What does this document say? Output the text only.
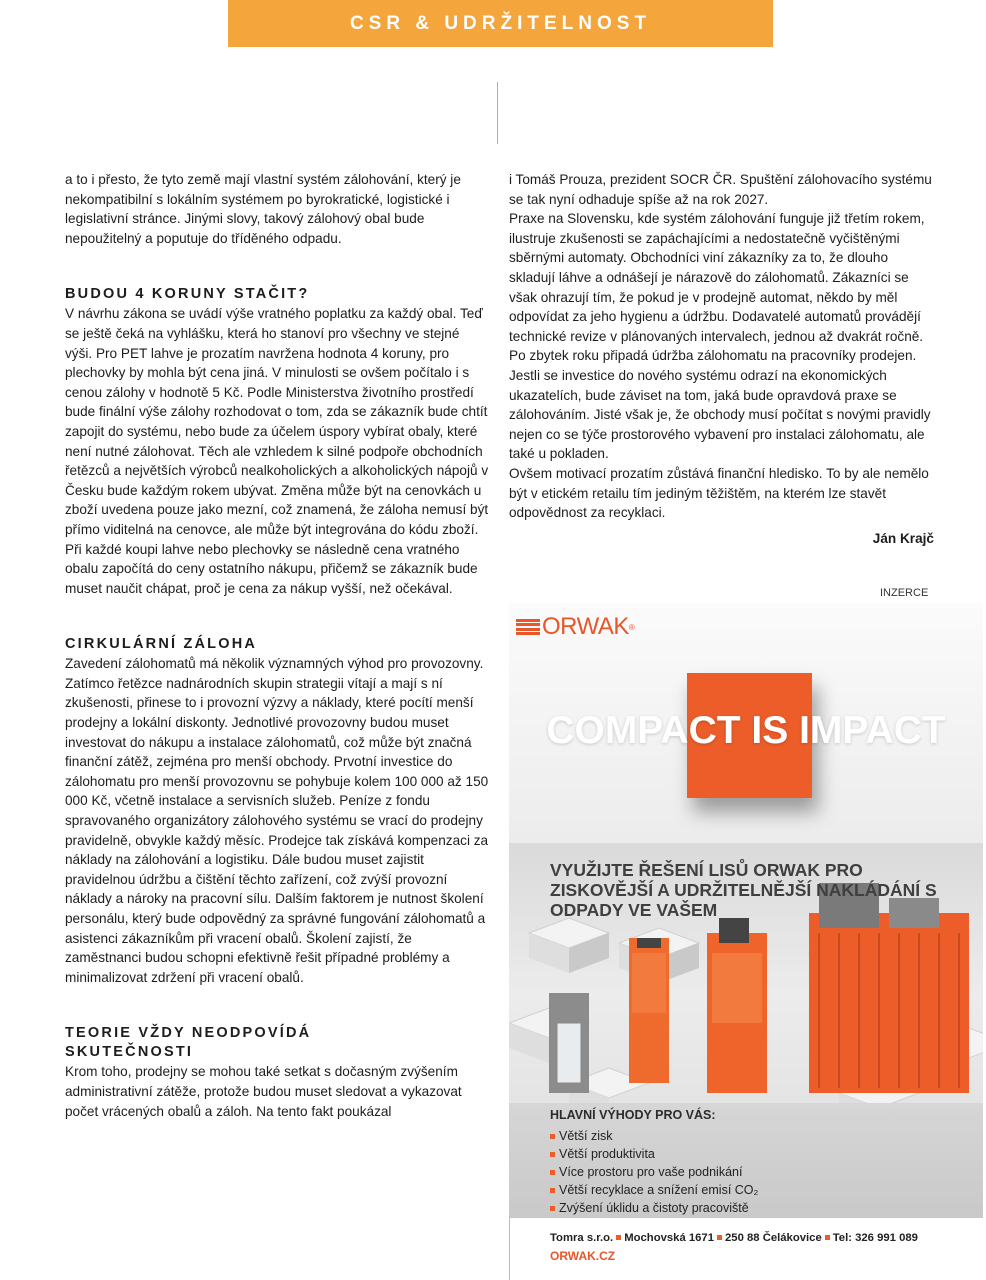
CSR & UDRŽITELNOST

a to i přesto, že tyto země mají vlastní systém zálohování, který je nekompatibilní s lokálním systémem po byrokratické, logistické i legislativní stránce. Jinými slovy, takový zálohový obal bude nepoužitelný a poputuje do tříděného odpadu.

BUDOU 4 KORUNY STAČIT?

V návrhu zákona se uvádí výše vratného poplatku za každý obal. Teď se ještě čeká na vyhlášku, která ho stanoví pro všechny ve stejné výši. Pro PET lahve je prozatím navržena hodnota 4 koruny, pro plechovky by mohla být cena jiná. V minulosti se ovšem počítalo i s cenou zálohy v hodnotě 5 Kč. Podle Ministerstva životního prostředí bude finální výše zálohy rozhodovat o tom, zda se zákazník bude chtít zapojit do systému, nebo bude za účelem úspory vybírat obaly, které není nutné zálohovat. Těch ale vzhledem k silné podpoře obchodních řetězců a největších výrobců nealkoholických a alkoholických nápojů v Česku bude každým rokem ubývat. Změna může být na cenovkách u zboží uvedena pouze jako mezní, což znamená, že záloha nemusí být přímo viditelná na cenovce, ale může být integrována do kódu zboží. Při každé koupi lahve nebo plechovky se následně cena vratného obalu započítá do ceny ostatního nákupu, přičemž se zákazník bude muset naučit chápat, proč je cena za nákup vyšší, než očekával.

CIRKULÁRNÍ ZÁLOHA

Zavedení zálohomatů má několik významných výhod pro provozovny. Zatímco řetězce nadnárodních skupin strategii vítají a mají s ní zkušenosti, přinese to i provozní výzvy a náklady, které pocítí menší prodejny a lokální diskonty. Jednotlivé provozovny budou muset investovat do nákupu a instalace zálohomatů, což může být značná finanční zátěž, zejména pro menší obchody. Prvotní investice do zálohomatu pro menší provozovnu se pohybuje kolem 100 000 až 150 000 Kč, včetně instalace a servisních služeb. Peníze z fondu spravovaného organizátory zálohového systému se vrací do prodejny pravidelně, obvykle každý měsíc. Prodejce tak získává kompenzaci za náklady na zálohování a logistiku. Dále budou muset zajistit pravidelnou údržbu a čištění těchto zařízení, což zvýší provozní náklady a nároky na pracovní sílu. Dalším faktorem je nutnost školení personálu, který bude odpovědný za správné fungování zálohomatů a asistenci zákazníkům při vracení obalů. Školení zajistí, že zaměstnanci budou schopni efektivně řešit případné problémy a minimalizovat zdržení při vracení obalů.

TEORIE VŽDY NEODPOVÍDÁ SKUTEČNOSTI

Krom toho, prodejny se mohou také setkat s dočasným zvýšením administrativní zátěže, protože budou muset sledovat a vykazovat počet vrácených obalů a záloh. Na tento fakt poukázal

i Tomáš Prouza, prezident SOCR ČR. Spuštění zálohovacího systému se tak nyní odhaduje spíše až na rok 2027.

Praxe na Slovensku, kde systém zálohování funguje již třetím rokem, ilustruje zkušenosti se zapáchajícími a nedostatečně vyčištěnými sběrnými automaty. Obchodníci viní zákazníky za to, že dlouho skladují láhve a odnášejí je nárazově do zálohomatů. Zákazníci se však ohrazují tím, že pokud je v prodejně automat, někdo by měl odpovídat za jeho hygienu a údržbu. Dodavatelé automatů provádějí technické revize v plánovaných intervalech, jednou až dvakrát ročně. Po zbytek roku připadá údržba zálohomatu na pracovníky prodejen. Jestli se investice do nového systému odrazí na ekonomických ukazatelích, bude záviset na tom, jaká bude opravdová praxe se zálohováním. Jisté však je, že obchody musí počítat s novými pravidly nejen co se týče prostorového vybavení pro instalaci zálohomatu, ale také u pokladen.

Ovšem motivací prozatím zůstává finanční hledisko. To by ale nemělo být v etickém retailu tím jediným těžištěm, na kterém lze stavět odpovědnost za recyklaci.

Ján Krajč

INZERCE
ORWAK ®
COMPACT IS IMPACT
VYUŽIJTE ŘEŠENÍ LISŮ ORWAK PRO ZISKOVĚJŠÍ A UDRŽITELNĚJŠÍ NAKLÁDÁNÍ S ODPADY VE VAŠEM
HLAVNÍ VÝHODY PRO VÁS:
Větší zisk
Větší produktivita
Více prostoru pro vaše podnikání
Větší recyklace a snížení emisí CO₂
Zvýšení úklidu a čistoty pracoviště
Tomra s.r.o. Mochovská 1671 250 88 Čelákovice Tel: 326 991 089
ORWAK.CZ
